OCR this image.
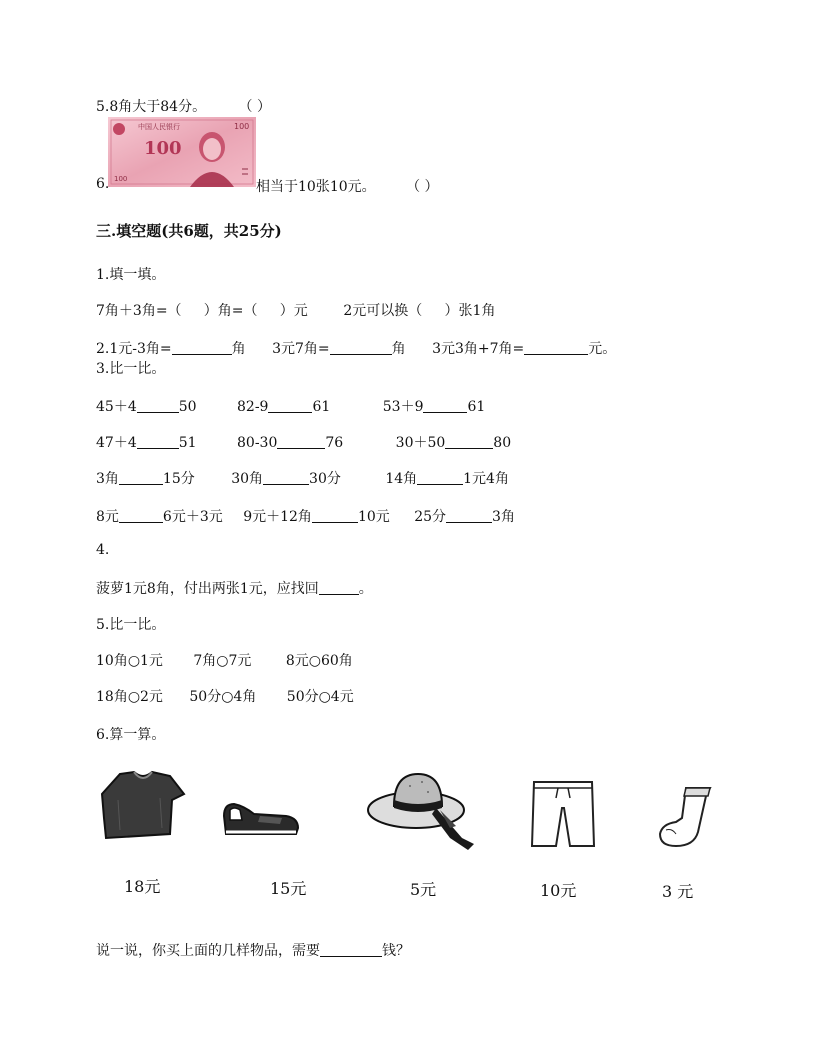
5.8角大于84分。 （ ）
中国人民银行
100
100
100
6.	相当于10张10元。 （ ）
三.填空题(共6题，共25分)
1.填一填。
7角＋3角=（     ）角=（     ）元        2元可以换（     ）张1角
2.1元-3角=	角 3元7角=	角 3元3角+7角=	元。
3.比一比。
45＋4	50	82-9	61	53＋9	61
47＋4	51	80-30	76	30＋50	80
3角	15分	30角	30分	14角	1元4角
8元	6元＋3元 9元＋12角	10元 25分	3角
4.
菠萝1元8角，付出两张1元，应找回	。
5.比一比。
10角○1元 7角○7元 8元○60角
18角○2元 50分○4角 50分○4元
6.算一算。
18元	15元	5元	10元	3 元
说一说，你买上面的几样物品，需要	钱？
